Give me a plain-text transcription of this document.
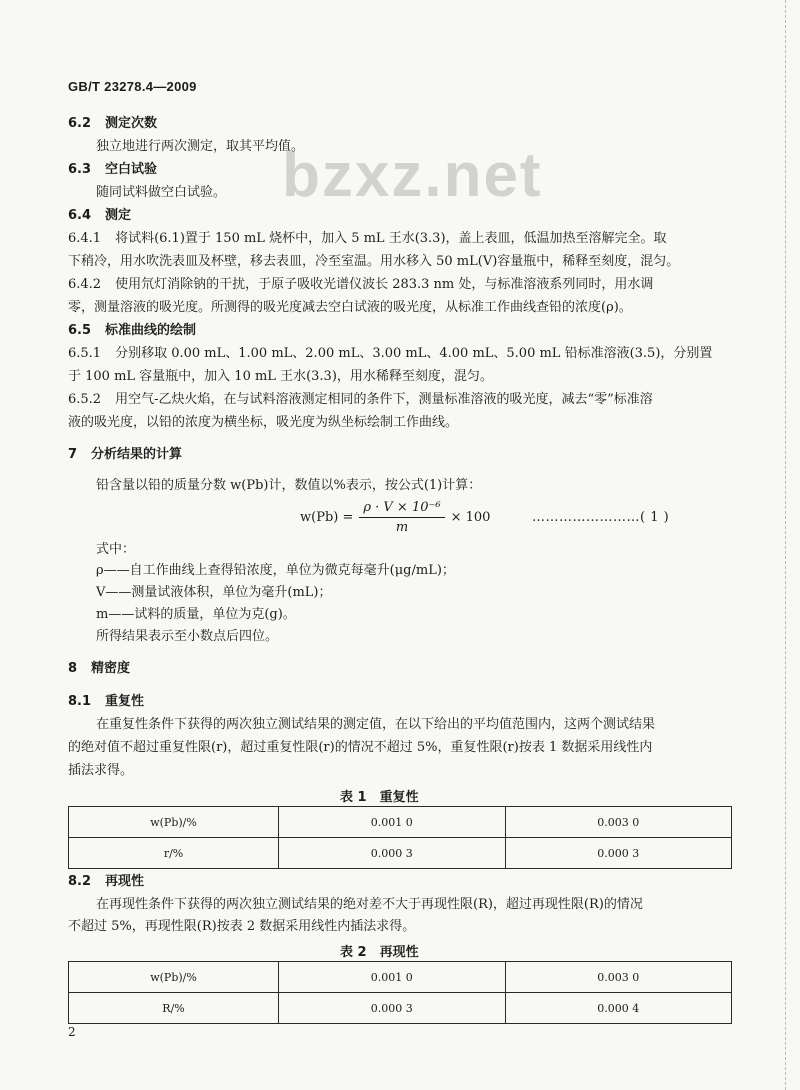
GB/T 23278.4—2009
bzxz.net
6.2 测定次数
独立地进行两次测定，取其平均值。
6.3 空白试验
随同试料做空白试验。
6.4 测定
6.4.1 将试料(6.1)置于 150 mL 烧杯中，加入 5 mL 王水(3.3)，盖上表皿，低温加热至溶解完全。取
下稍冷，用水吹洗表皿及杯壁，移去表皿，冷至室温。用水移入 50 mL(V)容量瓶中，稀释至刻度，混匀。
6.4.2 使用氘灯消除钠的干扰，于原子吸收光谱仪波长 283.3 nm 处，与标准溶液系列同时，用水调
零，测量溶液的吸光度。所测得的吸光度减去空白试液的吸光度，从标准工作曲线查铅的浓度(ρ)。
6.5 标准曲线的绘制
6.5.1 分别移取 0.00 mL、1.00 mL、2.00 mL、3.00 mL、4.00 mL、5.00 mL 铅标准溶液(3.5)，分别置
于 100 mL 容量瓶中，加入 10 mL 王水(3.3)，用水稀释至刻度，混匀。
6.5.2 用空气-乙炔火焰，在与试料溶液测定相同的条件下，测量标准溶液的吸光度，减去“零”标准溶
液的吸光度，以铅的浓度为横坐标，吸光度为纵坐标绘制工作曲线。
7 分析结果的计算
铅含量以铅的质量分数 w(Pb)计，数值以%表示，按公式(1)计算：
$w(Pb) = \frac{\text{ρ · V × 10⁻⁶}}{m} \times 100$	……………………( 1 )
式中：
ρ——自工作曲线上查得铅浓度，单位为微克每毫升(μg/mL)；
V——测量试液体积，单位为毫升(mL)；
m——试料的质量，单位为克(g)。
所得结果表示至小数点后四位。
8 精密度
8.1 重复性
在重复性条件下获得的两次独立测试结果的测定值，在以下给出的平均值范围内，这两个测试结果
的绝对值不超过重复性限(r)，超过重复性限(r)的情况不超过 5%，重复性限(r)按表 1 数据采用线性内
插法求得。
表 1　重复性
w(Pb)/%	0.001 0	0.003 0
r/%	0.000 3	0.000 3
8.2 再现性
在再现性条件下获得的两次独立测试结果的绝对差不大于再现性限(R)，超过再现性限(R)的情况
不超过 5%，再现性限(R)按表 2 数据采用线性内插法求得。
表 2　再现性
w(Pb)/%	0.001 0	0.003 0
R/%	0.000 3	0.000 4
2
